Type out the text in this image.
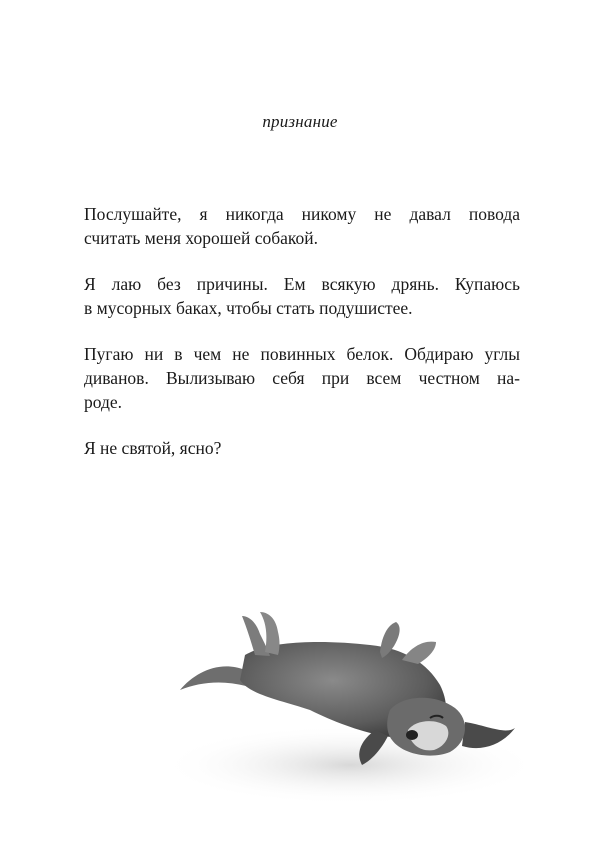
признание

Послушайте, я никогда никому не давал повода
считать меня хорошей собакой.

Я лаю без причины. Ем всякую дрянь. Купаюсь
в мусорных баках, чтобы стать подушистее.

Пугаю ни в чем не повинных белок. Обдираю углы
диванов. Вылизываю себя при всем честном на-
роде.

Я не святой, ясно?
